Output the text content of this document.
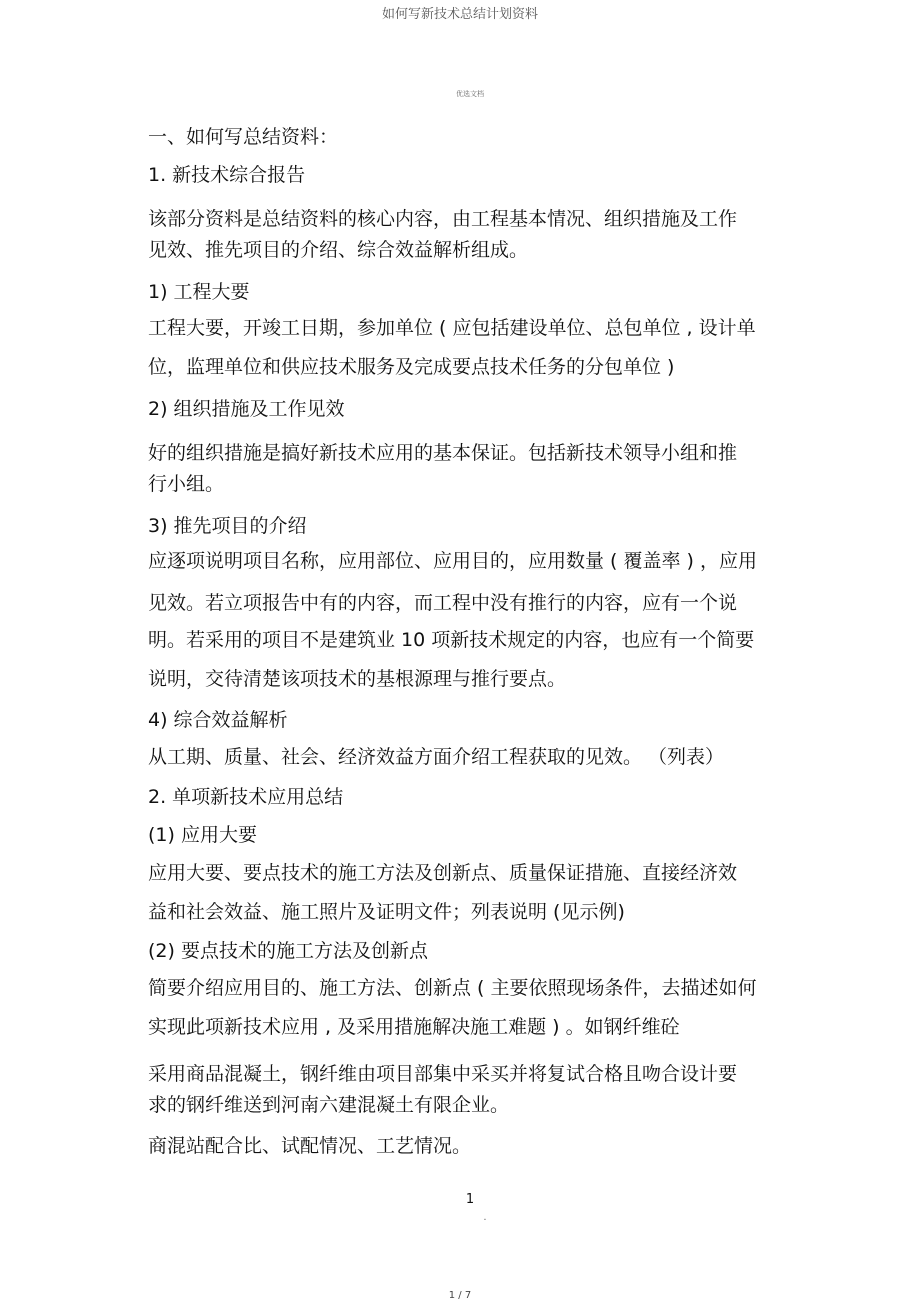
如何写新技术总结计划资料
优选文档
一、如何写总结资料：
1. 新技术综合报告
该部分资料是总结资料的核心内容，由工程基本情况、组织措施及工作
见效、推先项目的介绍、综合效益解析组成。
1) 工程大要
工程大要，开竣工日期，参加单位 ( 应包括建设单位、总包单位 , 设计单
位，监理单位和供应技术服务及完成要点技术任务的分包单位 )
2) 组织措施及工作见效
好的组织措施是搞好新技术应用的基本保证。包括新技术领导小组和推
行小组。
3) 推先项目的介绍
应逐项说明项目名称，应用部位、应用目的，应用数量 ( 覆盖率 ) ，应用
见效。若立项报告中有的内容，而工程中没有推行的内容，应有一个说
明。若采用的项目不是建筑业 10 项新技术规定的内容，也应有一个简要
说明，交待清楚该项技术的基根源理与推行要点。
4) 综合效益解析
从工期、质量、社会、经济效益方面介绍工程获取的见效。 （列表）
2. 单项新技术应用总结
(1) 应用大要
应用大要、要点技术的施工方法及创新点、质量保证措施、直接经济效
益和社会效益、施工照片及证明文件；列表说明 (见示例)
(2) 要点技术的施工方法及创新点
简要介绍应用目的、施工方法、创新点 ( 主要依照现场条件，去描述如何
实现此项新技术应用 , 及采用措施解决施工难题 ) 。如钢纤维砼
采用商品混凝土，钢纤维由项目部集中采买并将复试合格且吻合设计要
求的钢纤维送到河南六建混凝土有限企业。
商混站配合比、试配情况、工艺情况。
1
.
1 / 7
